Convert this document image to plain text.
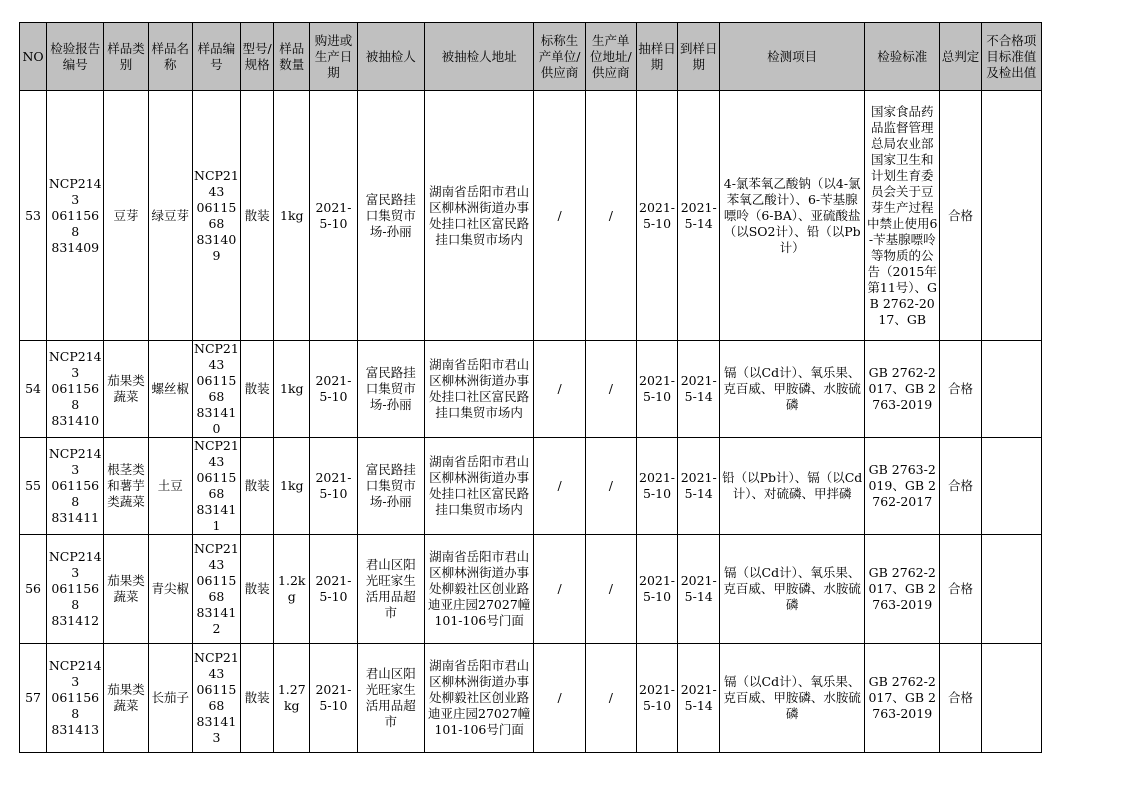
NO	检验报告编号	样品类别	样品名称	样品编号	型号/规格	样品数量	购进或生产日期	被抽检人	被抽检人地址	标称生产单位/供应商	生产单位地址/供应商	抽样日期	到样日期	检测项目	检验标准	总判定	不合格项目标准值及检出值
53	NCP2143
0611568
831409	豆芽	绿豆芽	NCP2143
0611568
831409	散装	1kg	2021-
5-10	富民路挂
口集贸市
场-孙丽	湖南省岳阳市君山区柳林洲街道办事处挂口社区富民路挂口集贸市场内	/	/	2021-
5-10	2021-
5-14	4-氯苯氧乙酸钠（以4-氯苯氧乙酸计）、6-苄基腺嘌呤（6-BA）、亚硫酸盐（以SO2计）、铅（以Pb计）	国家食品药品监督管理总局农业部国家卫生和计划生育委员会关于豆芽生产过程中禁止使用6-苄基腺嘌呤等物质的公告（2015年第11号）、GB 2762-2017、GB	合格	
54	NCP2143
0611568
831410	茄果类
蔬菜	螺丝椒	NCP2143
0611568
831410	散装	1kg	2021-
5-10	富民路挂
口集贸市
场-孙丽	湖南省岳阳市君山区柳林洲街道办事处挂口社区富民路挂口集贸市场内	/	/	2021-
5-10	2021-
5-14	镉（以Cd计）、氧乐果、克百威、甲胺磷、水胺硫磷	GB 2762-2017、GB 2763-2019	合格	
55	NCP2143
0611568
831411	根茎类
和薯芋
类蔬菜	土豆	NCP2143
0611568
831411	散装	1kg	2021-
5-10	富民路挂
口集贸市
场-孙丽	湖南省岳阳市君山区柳林洲街道办事处挂口社区富民路挂口集贸市场内	/	/	2021-
5-10	2021-
5-14	铅（以Pb计）、镉（以Cd计）、对硫磷、甲拌磷	GB 2763-2019、GB 2762-2017	合格	
56	NCP2143
0611568
831412	茄果类
蔬菜	青尖椒	NCP2143
0611568
831412	散装	1.2kg	2021-
5-10	君山区阳
光旺家生
活用品超
市	湖南省岳阳市君山区柳林洲街道办事处柳毅社区创业路迪亚庄园27027幢101-106号门面	/	/	2021-
5-10	2021-
5-14	镉（以Cd计）、氧乐果、克百威、甲胺磷、水胺硫磷	GB 2762-2017、GB 2763-2019	合格	
57	NCP2143
0611568
831413	茄果类
蔬菜	长茄子	NCP2143
0611568
831413	散装	1.27kg	2021-
5-10	君山区阳
光旺家生
活用品超
市	湖南省岳阳市君山区柳林洲街道办事处柳毅社区创业路迪亚庄园27027幢101-106号门面	/	/	2021-
5-10	2021-
5-14	镉（以Cd计）、氧乐果、克百威、甲胺磷、水胺硫磷	GB 2762-2017、GB 2763-2019	合格	
